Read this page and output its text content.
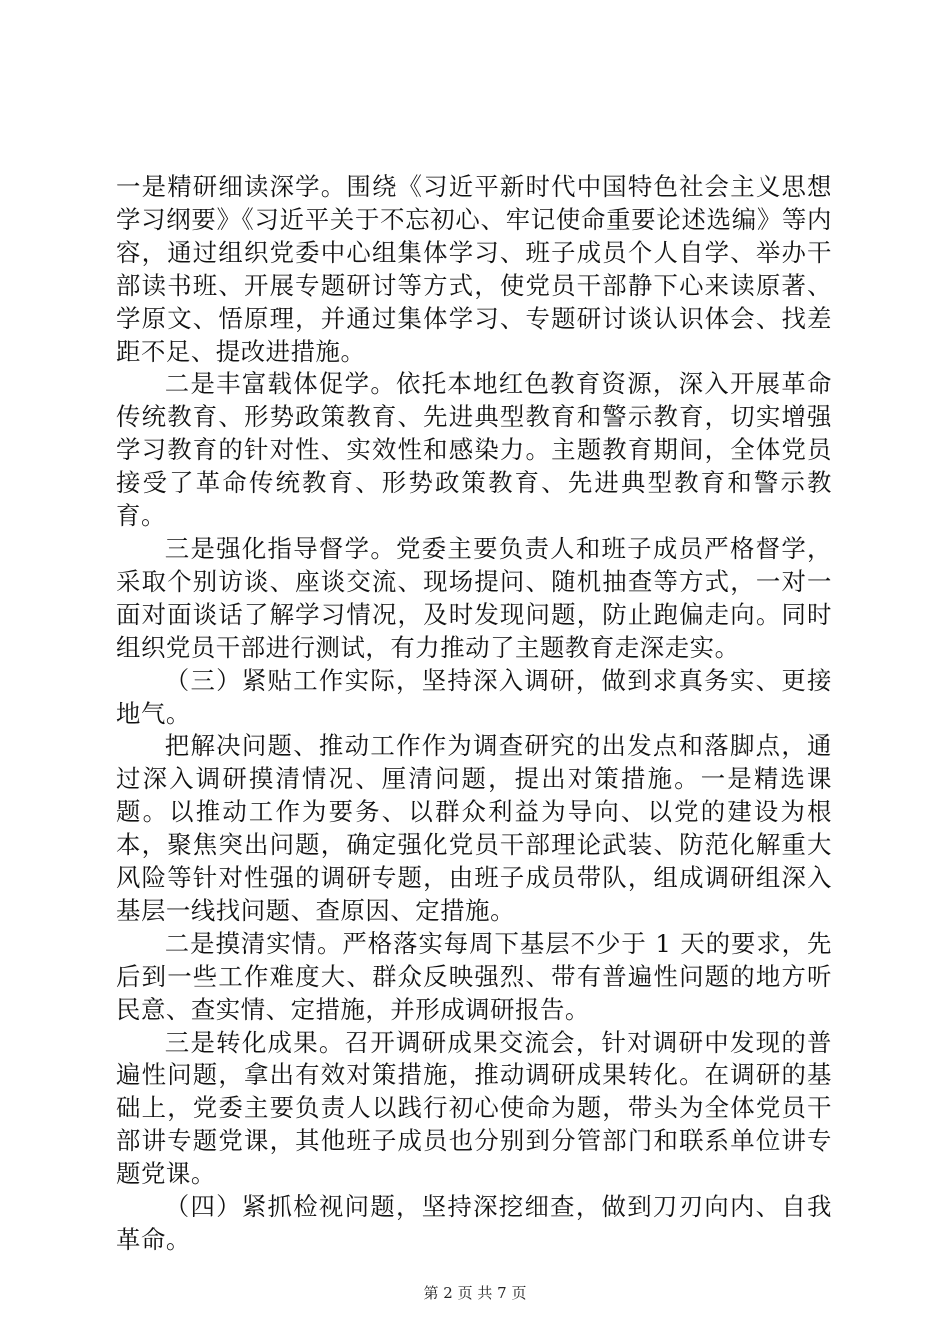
一是精研细读深学。围绕《习近平新时代中国特色社会主义思想学习纲要》《习近平关于不忘初心、牢记使命重要论述选编》等内容，通过组织党委中心组集体学习、班子成员个人自学、举办干部读书班、开展专题研讨等方式，使党员干部静下心来读原著、学原文、悟原理，并通过集体学习、专题研讨谈认识体会、找差距不足、提改进措施。

二是丰富载体促学。依托本地红色教育资源，深入开展革命传统教育、形势政策教育、先进典型教育和警示教育，切实增强学习教育的针对性、实效性和感染力。主题教育期间，全体党员接受了革命传统教育、形势政策教育、先进典型教育和警示教育。

三是强化指导督学。党委主要负责人和班子成员严格督学，采取个别访谈、座谈交流、现场提问、随机抽查等方式，一对一面对面谈话了解学习情况，及时发现问题，防止跑偏走向。同时组织党员干部进行测试，有力推动了主题教育走深走实。

（三）紧贴工作实际，坚持深入调研，做到求真务实、更接地气。

把解决问题、推动工作作为调查研究的出发点和落脚点，通过深入调研摸清情况、厘清问题，提出对策措施。一是精选课题。以推动工作为要务、以群众利益为导向、以党的建设为根本，聚焦突出问题，确定强化党员干部理论武装、防范化解重大风险等针对性强的调研专题，由班子成员带队，组成调研组深入基层一线找问题、查原因、定措施。

二是摸清实情。严格落实每周下基层不少于 1 天的要求，先后到一些工作难度大、群众反映强烈、带有普遍性问题的地方听民意、查实情、定措施，并形成调研报告。

三是转化成果。召开调研成果交流会，针对调研中发现的普遍性问题，拿出有效对策措施，推动调研成果转化。在调研的基础上，党委主要负责人以践行初心使命为题，带头为全体党员干部讲专题党课，其他班子成员也分别到分管部门和联系单位讲专题党课。

（四）紧抓检视问题，坚持深挖细查，做到刀刃向内、自我革命。

第 2 页 共 7 页
